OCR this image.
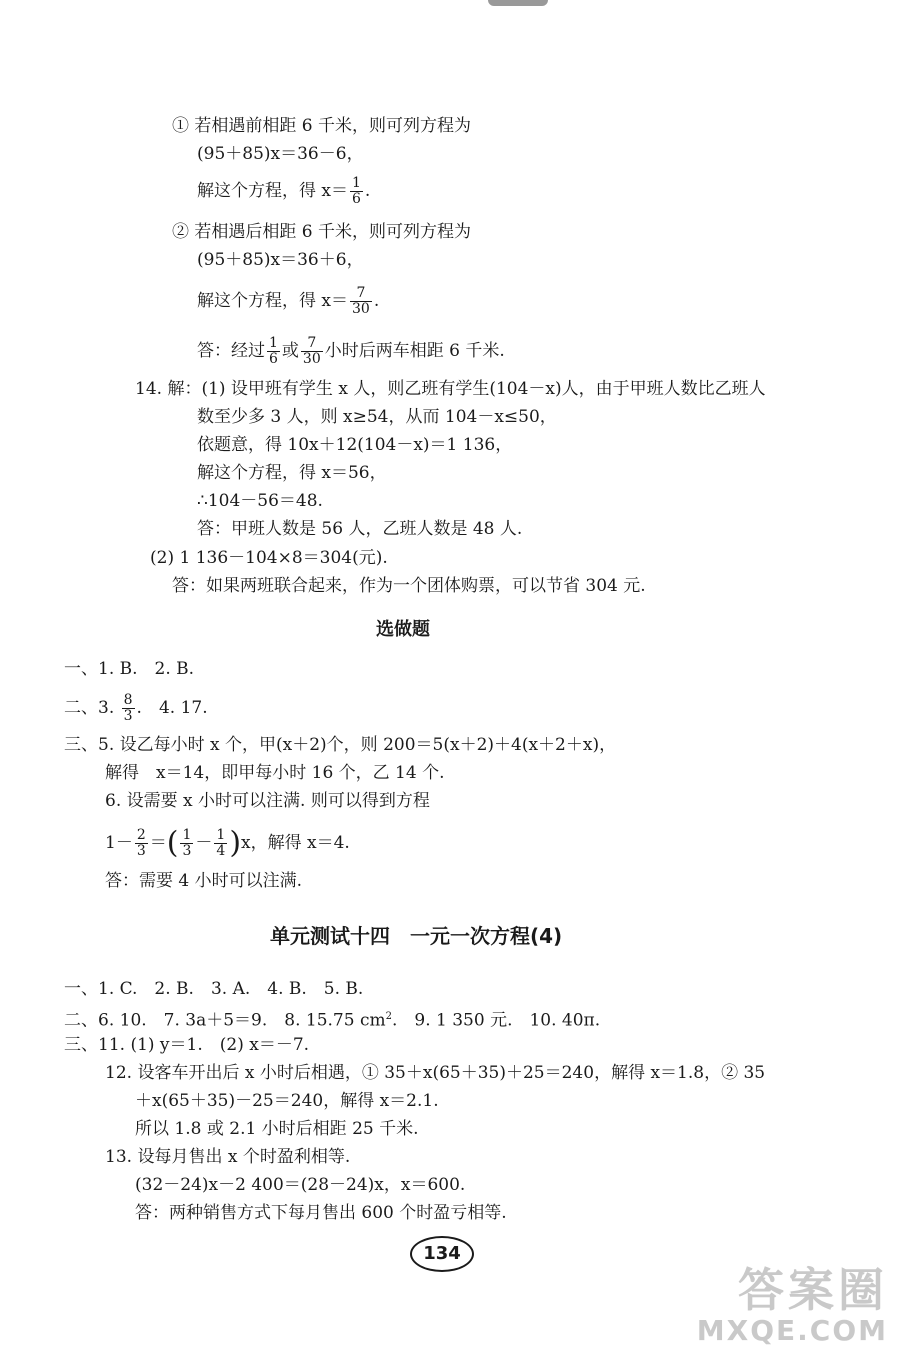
① 若相遇前相距 6 千米，则可列方程为
(95＋85)x＝36－6，
解这个方程，得 $x= \frac{1}{6}$ .
② 若相遇后相距 6 千米，则可列方程为
(95＋85)x＝36＋6，
解这个方程，得 $x= \frac{7}{30}$ .
答：经过 $\frac{1}{6}$ 或 $\frac{7}{30}$ 小时后两车相距 6 千米.
14. 解：(1) 设甲班有学生 x 人，则乙班有学生(104－x)人，由于甲班人数比乙班人
数至少多 3 人，则 x≥54，从而 104－x≤50，
依题意，得 10x＋12(104－x)＝1 136，
解这个方程，得 x＝56，
∴104－56＝48.
答：甲班人数是 56 人，乙班人数是 48 人.
(2) 1 136－104×8＝304(元).
答：如果两班联合起来，作为一个团体购票，可以节省 304 元.
选做题
一、1. B.　2. B.
二、3. $\frac{8}{3}$ .　4. 17.
三、5. 设乙每小时 x 个，甲(x＋2)个，则 200＝5(x＋2)＋4(x＋2＋x)，
解得　x＝14，即甲每小时 16 个，乙 14 个.
6. 设需要 x 小时可以注满. 则可以得到方程
$1- \frac{2}{3}$ ＝( $\frac{1}{3} - \frac{1}{4} )x$，解得 x＝4.
答：需要 4 小时可以注满.
单元测试十四　一元一次方程(4)
一、1. C.　2. B.　3. A.　4. B.　5. B.
二、6. 10.　7. 3a＋5＝9.　8. 15.75 $cm^2$.　9. 1 350 元.　10. 40π.
三、11. (1) y＝1.　(2) x＝－7.
12. 设客车开出后 x 小时后相遇，① 35＋x(65＋35)＋25＝240，解得 x＝1.8，② 35
＋x(65＋35)－25＝240，解得 x＝2.1.
所以 1.8 或 2.1 小时后相距 25 千米.
13. 设每月售出 x 个时盈利相等.
(32－24)x－2 400＝(28－24)x，x＝600.
答：两种销售方式下每月售出 600 个时盈亏相等.
134
答案圈
MXQE.COM
